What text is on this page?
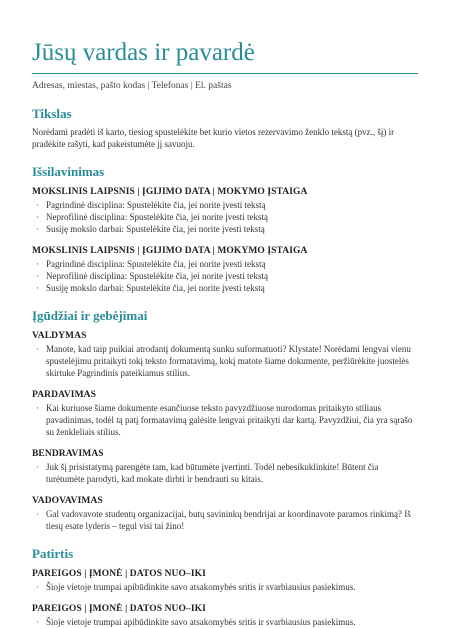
Jūsų vardas ir pavardė
Adresas, miestas, pašto kodas | Telefonas | El. paštas
Tikslas

Norėdami pradėti iš karto, tiesiog spustelėkite bet kurio vietos rezervavimo ženklo tekstą (pvz., šį) ir pradėkite rašyti, kad pakeistumėte jį savuoju.

Išsilavinimas
MOKSLINIS LAIPSNIS | ĮGIJIMO DATA | MOKYMO ĮSTAIGA
· Pagrindinė disciplina: Spustelėkite čia, jei norite įvesti tekstą
· Neprofilinė disciplina: Spustelėkite čia, jei norite įvesti tekstą
· Susiję mokslo darbai: Spustelėkite čia, jei norite įvesti tekstą
MOKSLINIS LAIPSNIS | ĮGIJIMO DATA | MOKYMO ĮSTAIGA
· Pagrindinė disciplina: Spustelėkite čia, jei norite įvesti tekstą
· Neprofilinė disciplina: Spustelėkite čia, jei norite įvesti tekstą
· Susiję mokslo darbai: Spustelėkite čia, jei norite įvesti tekstą
Įgūdžiai ir gebėjimai
VALDYMAS
· Manote, kad taip puikiai atrodantį dokumentą sunku suformatuoti? Klystate! Norėdami lengvai vienu spustelėjimu pritaikyti tokį teksto formatavimą, kokį matote šiame dokumente, peržiūrėkite juostelės skirtuke Pagrindinis pateikiamus stilius.
PARDAVIMAS
· Kai kuriuose šiame dokumente esančiuose teksto pavyzdžiuose nurodomas pritaikyto stiliaus pavadinimas, todėl tą patį formatavimą galėsite lengvai pritaikyti dar kartą. Pavyzdžiui, čia yra sąrašo su ženkleliais stilius.
BENDRAVIMAS
· Juk šį prisistatymą parengėte tam, kad būtumėte įvertinti. Todėl nebesikuklinkite! Būtent čia turėtumėte parodyti, kad mokate dirbti ir bendrauti su kitais.
VADOVAVIMAS
· Gal vadovavote studentų organizacijai, butų savininkų bendrijai ar koordinavote paramos rinkimą? Iš tiesų esate lyderis – tegul visi tai žino!
Patirtis
PAREIGOS | ĮMONĖ | DATOS NUO–IKI
· Šioje vietoje trumpai apibūdinkite savo atsakomybės sritis ir svarbiausius pasiekimus.
PAREIGOS | ĮMONĖ | DATOS NUO–IKI
· Šioje vietoje trumpai apibūdinkite savo atsakomybės sritis ir svarbiausius pasiekimus.
